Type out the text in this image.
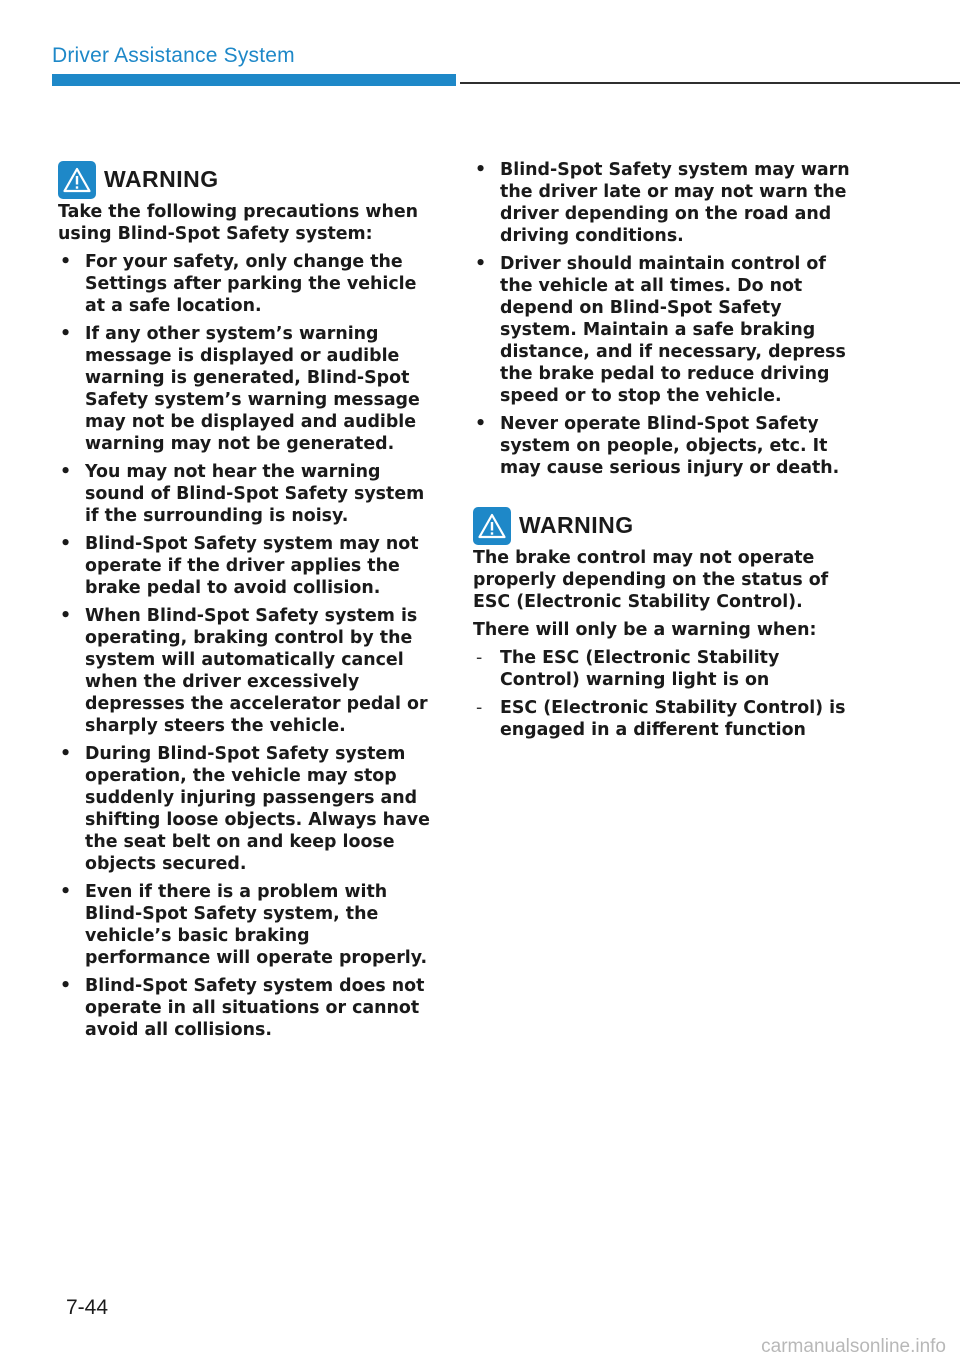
Driver Assistance System
WARNING

Take the following precautions when using Blind-Spot Safety system:

• For your safety, only change the Settings after parking the vehicle at a safe location.
• If any other system’s warning message is displayed or audible warning is generated, Blind-Spot Safety system’s warning message may not be displayed and audible warning may not be generated.
• You may not hear the warning sound of Blind-Spot Safety system if the surrounding is noisy.
• Blind-Spot Safety system may not operate if the driver applies the brake pedal to avoid collision.
• When Blind-Spot Safety system is operating, braking control by the system will automatically cancel when the driver excessively depresses the accelerator pedal or sharply steers the vehicle.
• During Blind-Spot Safety system operation, the vehicle may stop suddenly injuring passengers and shifting loose objects. Always have the seat belt on and keep loose objects secured.
• Even if there is a problem with Blind-Spot Safety system, the vehicle’s basic braking performance will operate properly.
• Blind-Spot Safety system does not operate in all situations or cannot avoid all collisions.
• Blind-Spot Safety system may warn the driver late or may not warn the driver depending on the road and driving conditions.
• Driver should maintain control of the vehicle at all times. Do not depend on Blind-Spot Safety system. Maintain a safe braking distance, and if necessary, depress the brake pedal to reduce driving speed or to stop the vehicle.
• Never operate Blind-Spot Safety system on people, objects, etc. It may cause serious injury or death.
WARNING

The brake control may not operate properly depending on the status of ESC (Electronic Stability Control).

There will only be a warning when:

- The ESC (Electronic Stability Control) warning light is on
- ESC (Electronic Stability Control) is engaged in a different function
7-44
carmanualsonline.info
